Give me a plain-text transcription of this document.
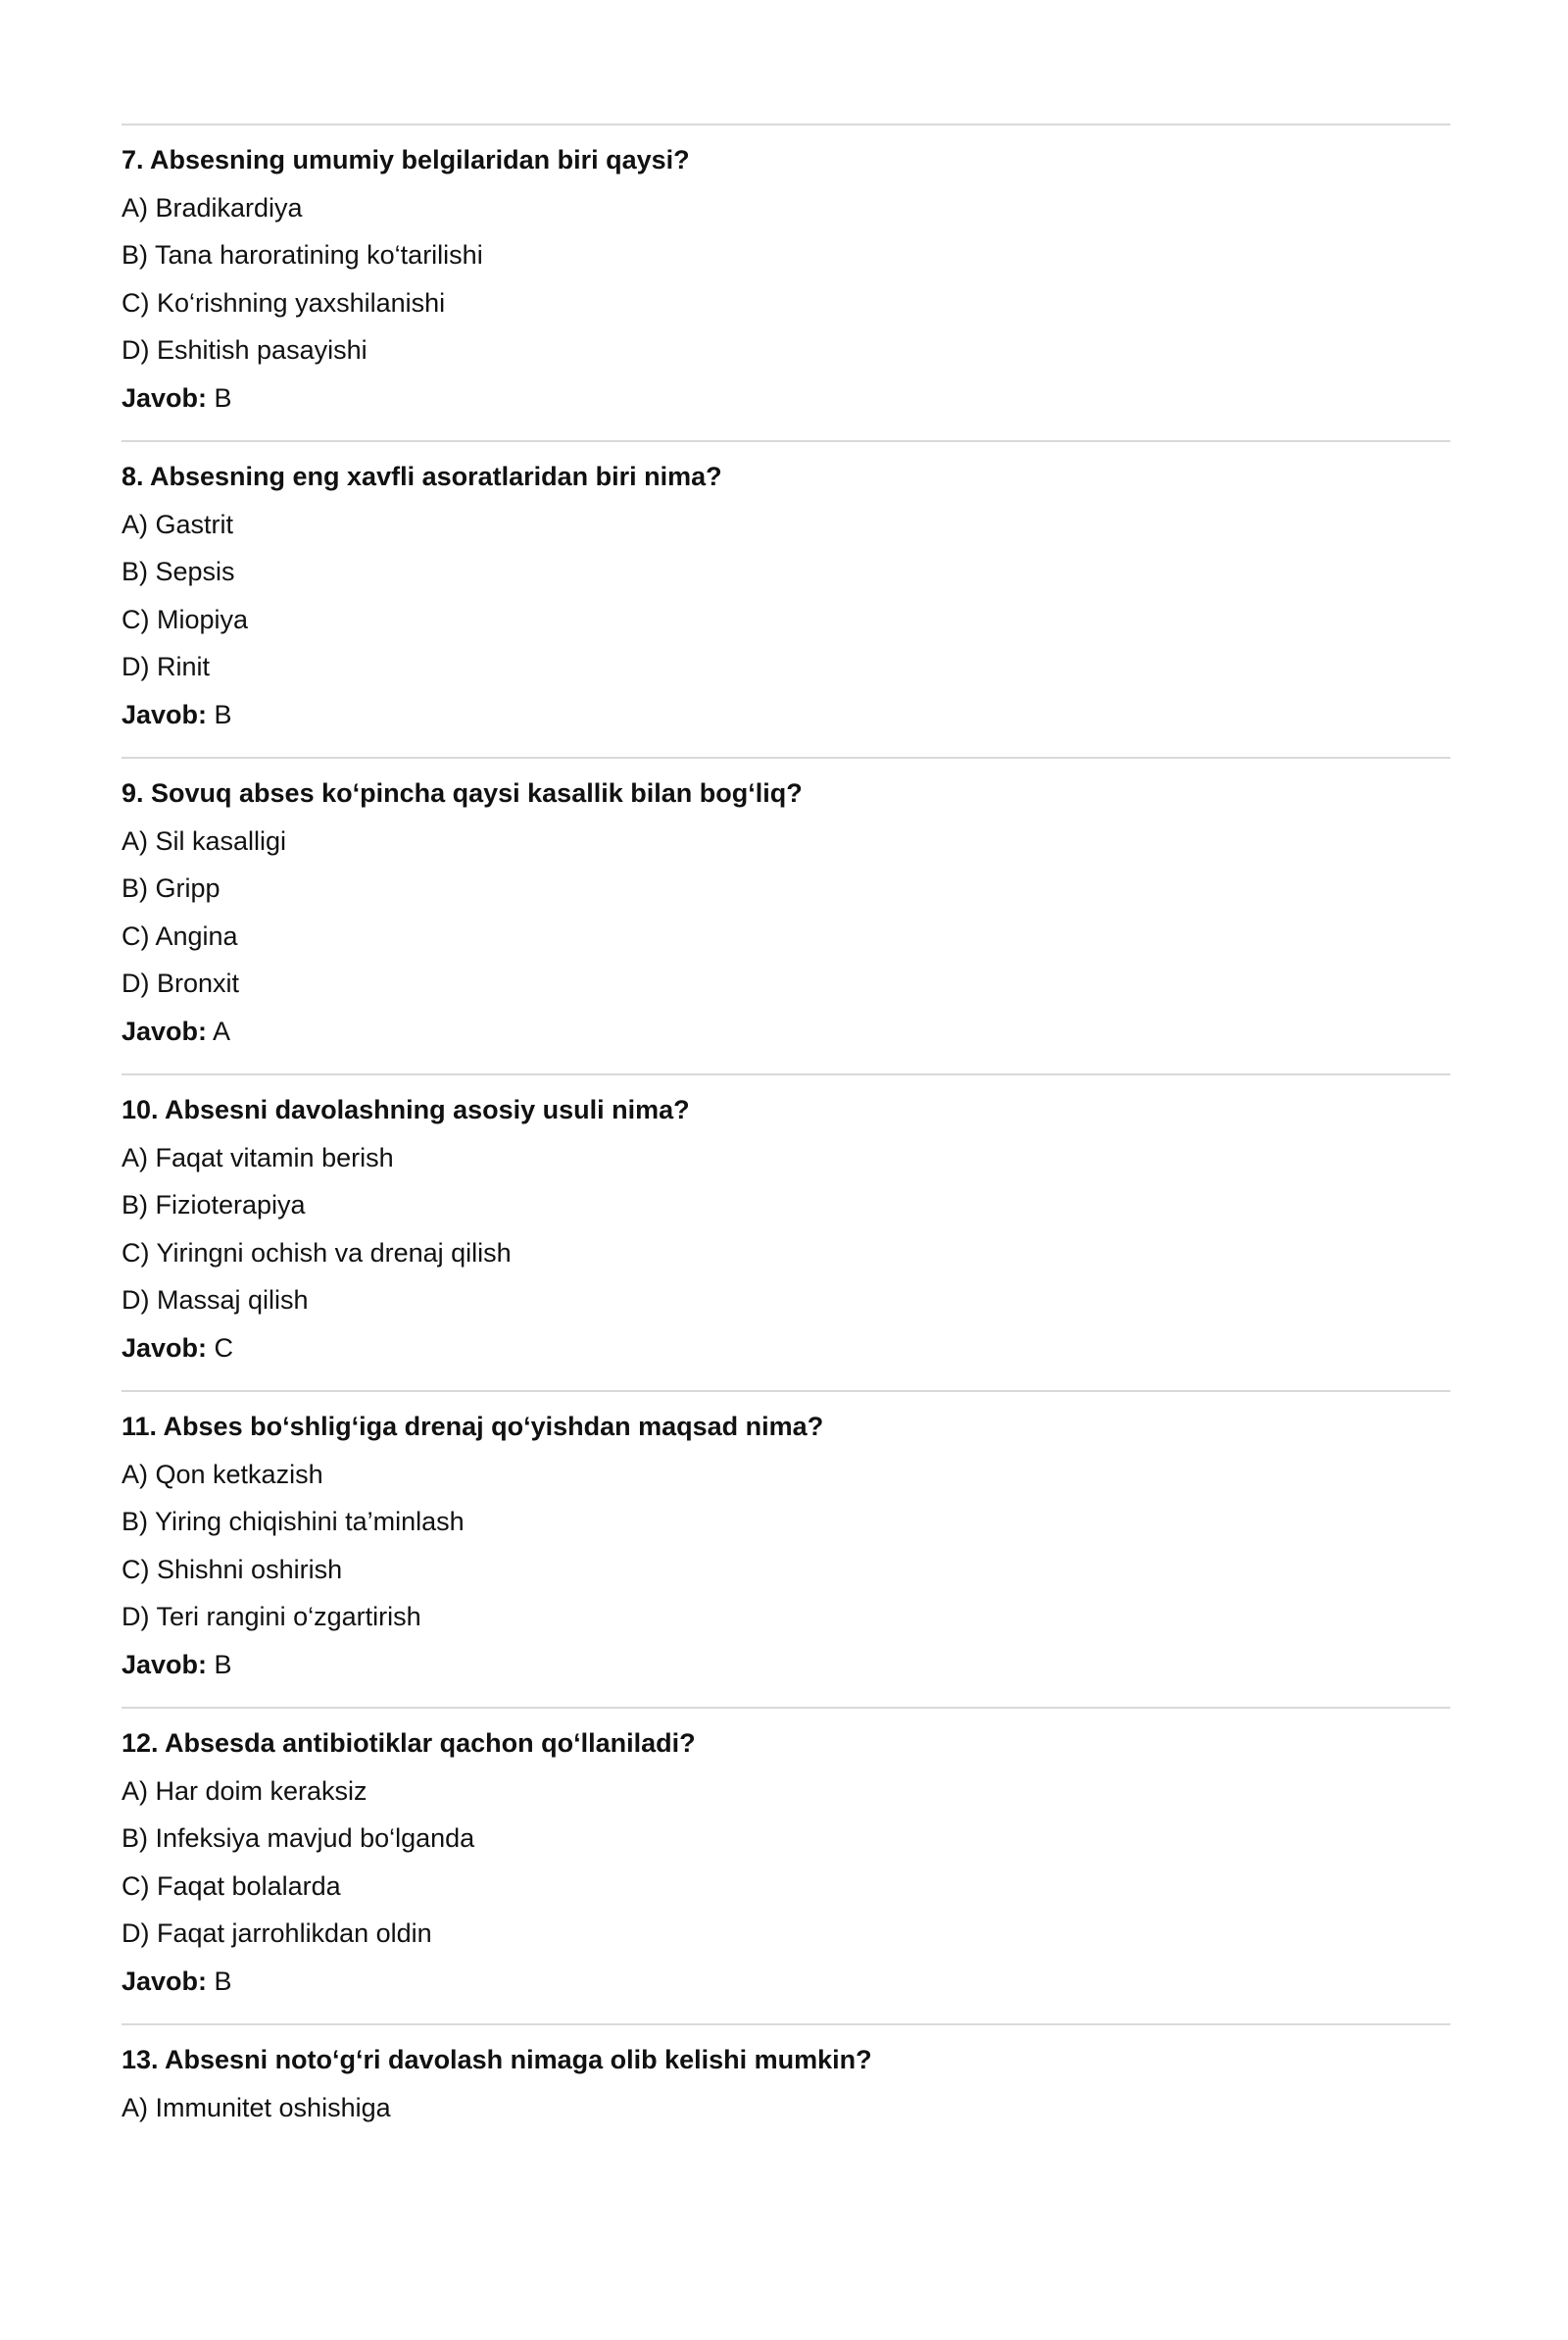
7. Absesning umumiy belgilaridan biri qaysi?
A) Bradikardiya
B) Tana haroratining ko‘tarilishi
C) Ko‘rishning yaxshilanishi
D) Eshitish pasayishi
Javob: B
8. Absesning eng xavfli asoratlaridan biri nima?
A) Gastrit
B) Sepsis
C) Miopiya
D) Rinit
Javob: B
9. Sovuq abses ko‘pincha qaysi kasallik bilan bog‘liq?
A) Sil kasalligi
B) Gripp
C) Angina
D) Bronxit
Javob: A
10. Absesni davolashning asosiy usuli nima?
A) Faqat vitamin berish
B) Fizioterapiya
C) Yiringni ochish va drenaj qilish
D) Massaj qilish
Javob: C
11. Abses bo‘shlig‘iga drenaj qo‘yishdan maqsad nima?
A) Qon ketkazish
B) Yiring chiqishini ta’minlash
C) Shishni oshirish
D) Teri rangini o‘zgartirish
Javob: B
12. Absesda antibiotiklar qachon qo‘llaniladi?
A) Har doim keraksiz
B) Infeksiya mavjud bo‘lganda
C) Faqat bolalarda
D) Faqat jarrohlikdan oldin
Javob: B
13. Absesni noto‘g‘ri davolash nimaga olib kelishi mumkin?
A) Immunitet oshishiga
